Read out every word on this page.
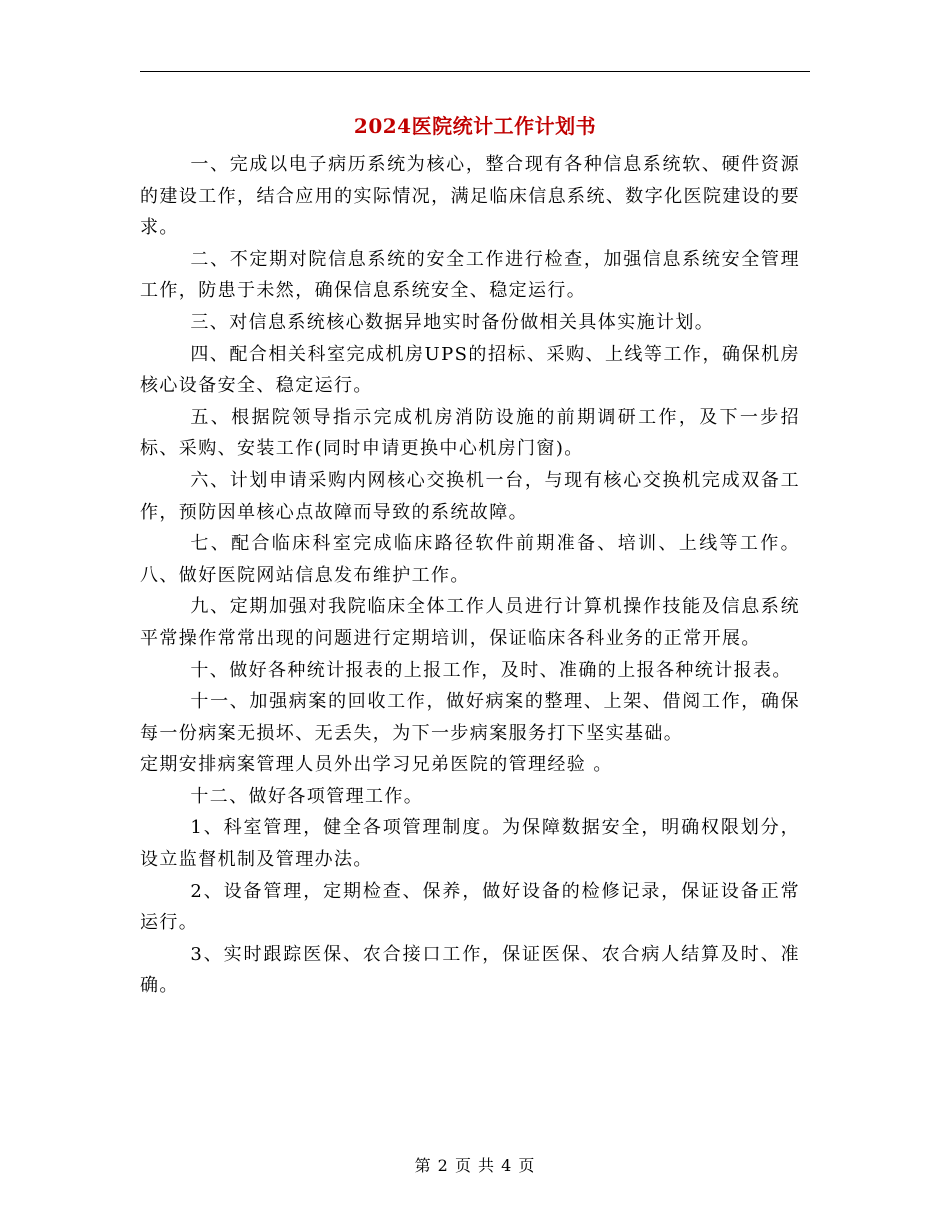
2024医院统计工作计划书

一、完成以电子病历系统为核心，整合现有各种信息系统软、硬件资源的建设工作，结合应用的实际情况，满足临床信息系统、数字化医院建设的要求。

二、不定期对院信息系统的安全工作进行检查，加强信息系统安全管理工作，防患于未然，确保信息系统安全、稳定运行。

三、对信息系统核心数据异地实时备份做相关具体实施计划。

四、配合相关科室完成机房UPS的招标、采购、上线等工作，确保机房核心设备安全、稳定运行。

五、根据院领导指示完成机房消防设施的前期调研工作，及下一步招标、采购、安装工作(同时申请更换中心机房门窗)。

六、计划申请采购内网核心交换机一台，与现有核心交换机完成双备工作，预防因单核心点故障而导致的系统故障。

七、配合临床科室完成临床路径软件前期准备、培训、上线等工作。 八、做好医院网站信息发布维护工作。

九、定期加强对我院临床全体工作人员进行计算机操作技能及信息系统平常操作常常出现的问题进行定期培训，保证临床各科业务的正常开展。

十、做好各种统计报表的上报工作，及时、准确的上报各种统计报表。

十一、加强病案的回收工作，做好病案的整理、上架、借阅工作，确保每一份病案无损坏、无丢失，为下一步病案服务打下坚实基础。

定期安排病案管理人员外出学习兄弟医院的管理经验 。

十二、做好各项管理工作。

1、科室管理，健全各项管理制度。为保障数据安全，明确权限划分，设立监督机制及管理办法。

2、设备管理，定期检查、保养，做好设备的检修记录，保证设备正常运行。

3、实时跟踪医保、农合接口工作，保证医保、农合病人结算及时、准确。

第 2 页 共 4 页
